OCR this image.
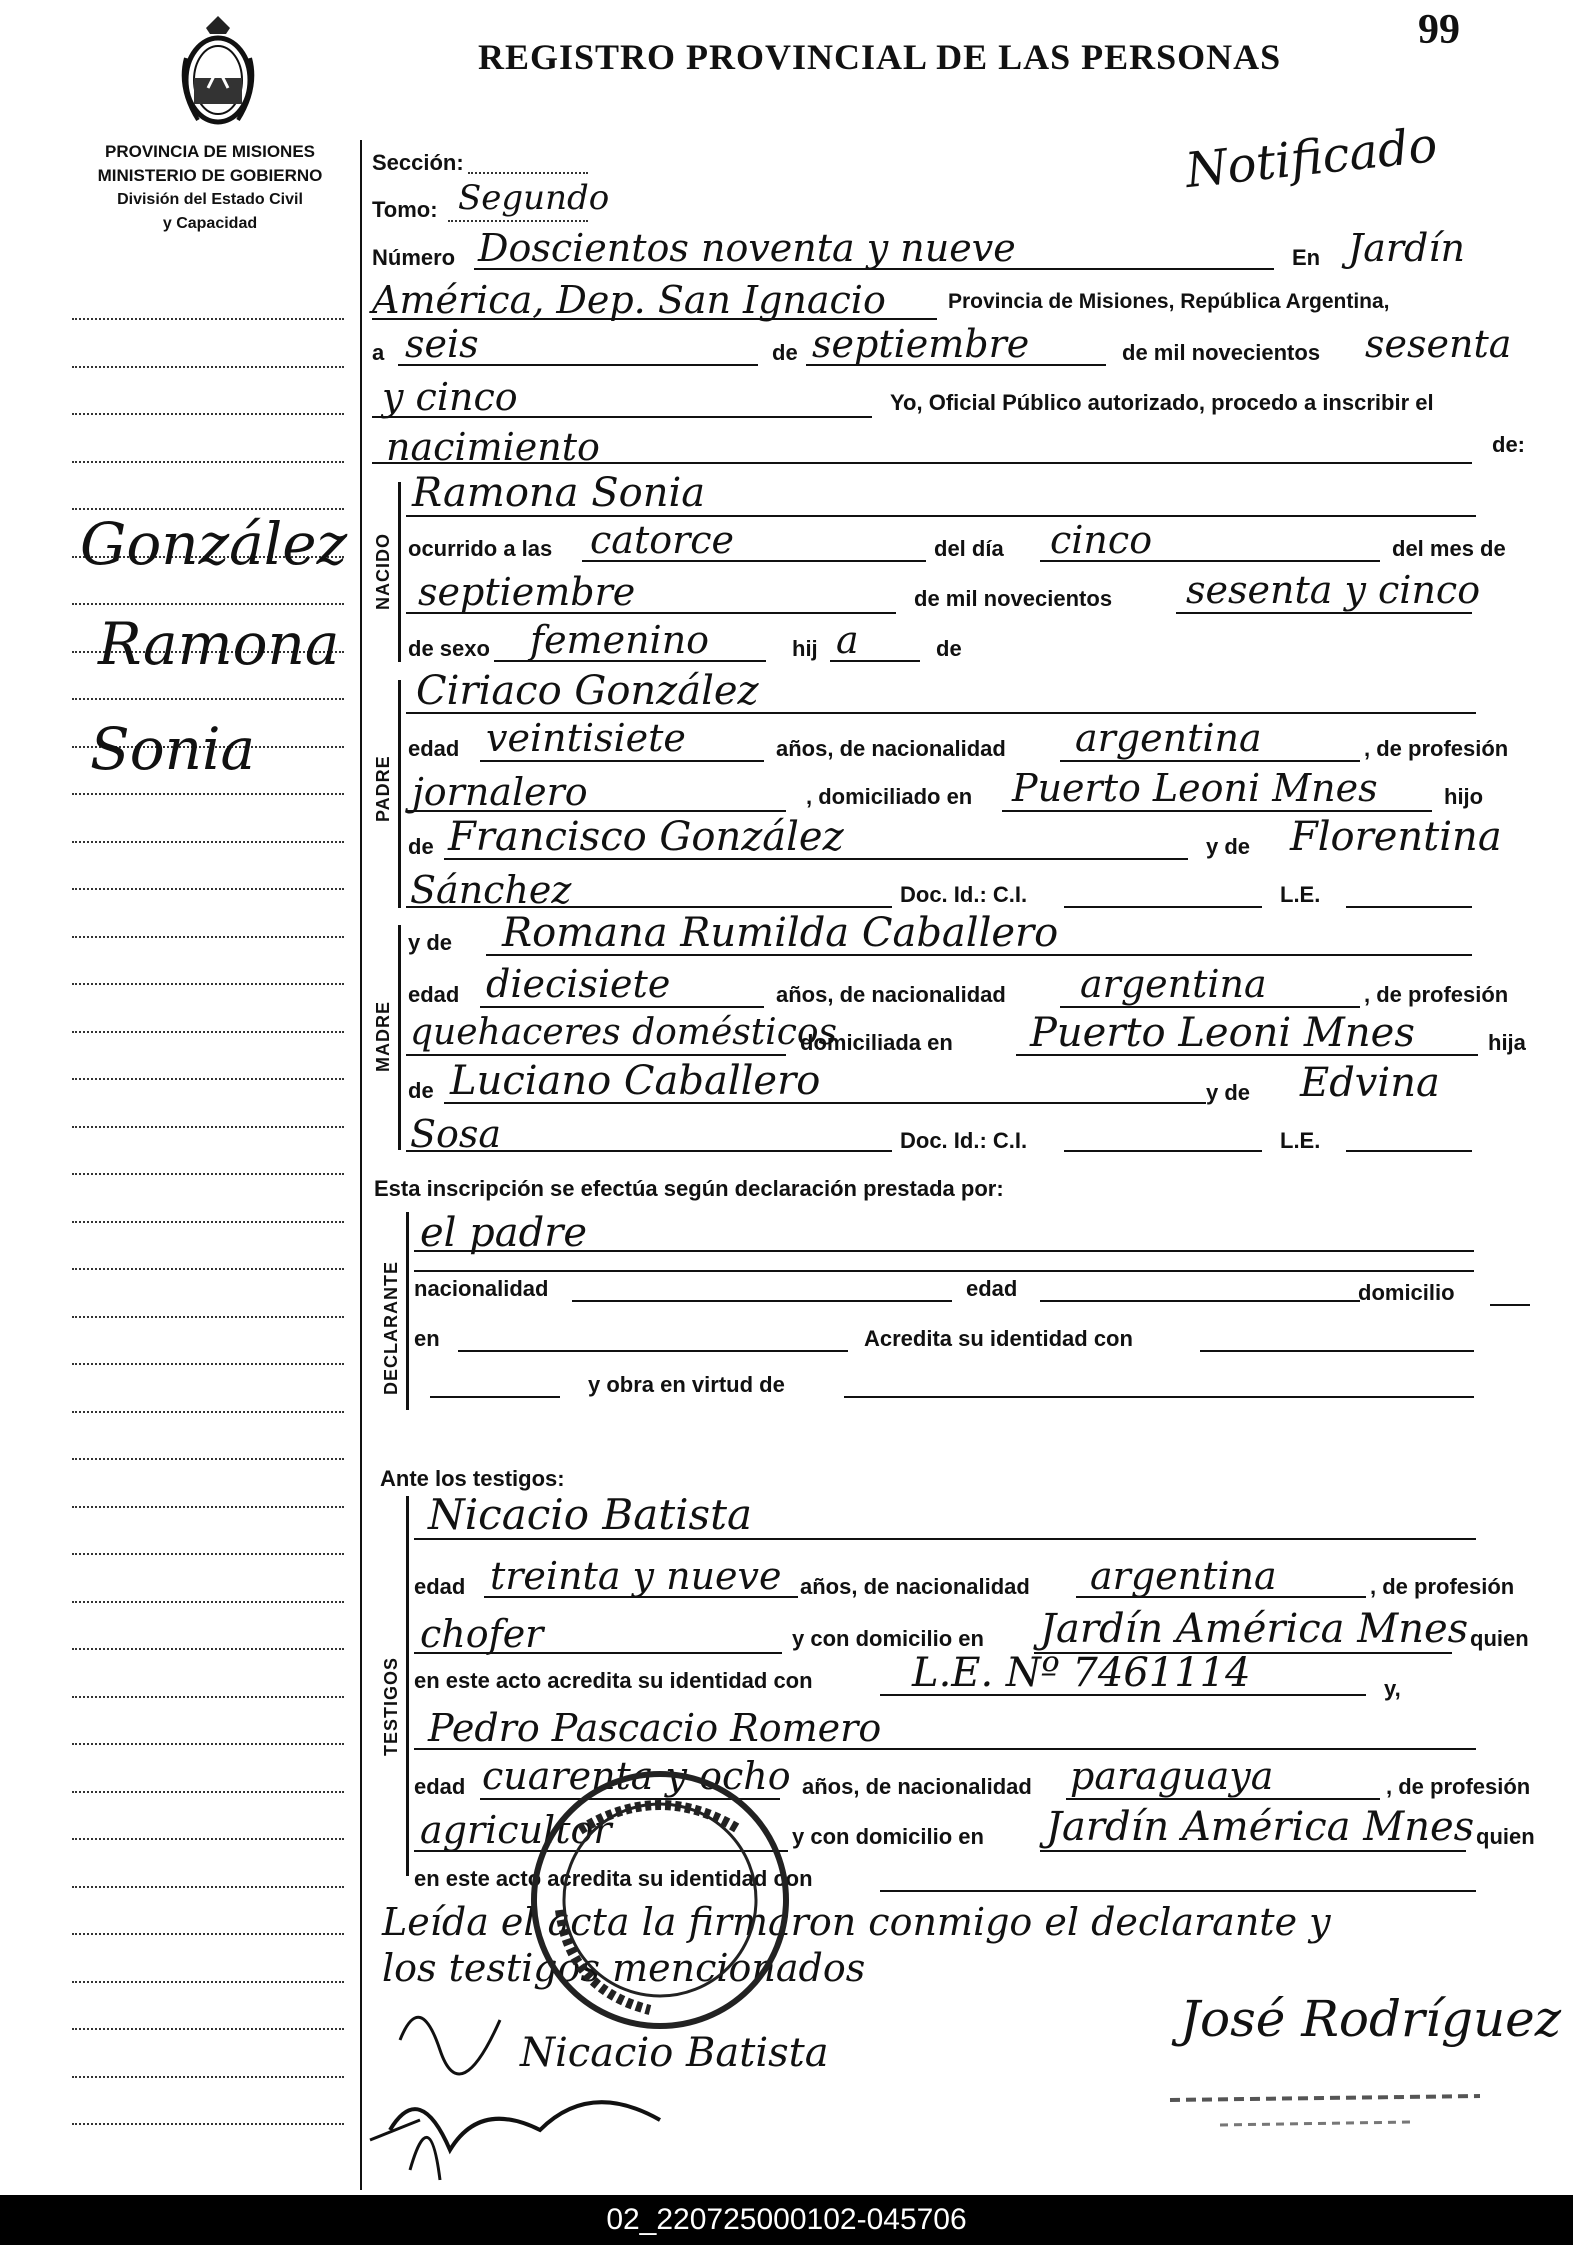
PROVINCIA DE MISIONES
MINISTERIO DE GOBIERNO
División del Estado Civil
y Capacidad
REGISTRO PROVINCIAL DE LAS PERSONAS
99
Notificado
González
Ramona
Sonia
Sección:
Tomo: Segundo
Número Doscientos noventa y nueve	En Jardín
América, Dep. San Ignacio	Provincia de Misiones, República Argentina,
a seis	de septiembre	de mil novecientos sesenta
y cinco	Yo, Oficial Público autorizado, procedo a inscribir el
nacimiento	de:
NACIDO
Ramona Sonia
ocurrido a las catorce	del día cinco	del mes de
septiembre	de mil novecientos sesenta y cinco
de sexo femenino	hij a	de
PADRE
Ciriaco González
edad veintisiete	años, de nacionalidad argentina	, de profesión
jornalero	, domiciliado en Puerto Leoni Mnes	hijo
de Francisco González	y de Florentina
Sánchez	Doc. Id.: C.I.	L.E.
MADRE
y de Romana Rumilda Caballero
edad diecisiete	años, de nacionalidad argentina	, de profesión
quehaceres domésticos
domiciliada en Puerto Leoni Mnes	hija
de Luciano Caballero	y de Edvina
Sosa	Doc. Id.: C.I.	L.E.
Esta inscripción se efectúa según declaración prestada por:
DECLARANTE
el padre
nacionalidad	edad	domicilio
en	Acredita su identidad con
y obra en virtud de
Ante los testigos:
TESTIGOS
Nicacio Batista
edad treinta y nueve años, de nacionalidad argentina	, de profesión
chofer	y con domicilio en Jardín América Mnes quien
en este acto acredita su identidad con L.E. Nº 7461114	y,
Pedro Pascacio Romero
edad cuarenta y ocho años, de nacionalidad paraguaya	, de profesión
agricultor	y con domicilio en Jardín América Mnes quien
en este acto acredita su identidad con
Leída el acta la firmaron conmigo el declarante y
los testigos mencionados
Nicacio Batista
José Rodríguez
02_220725000102-045706
